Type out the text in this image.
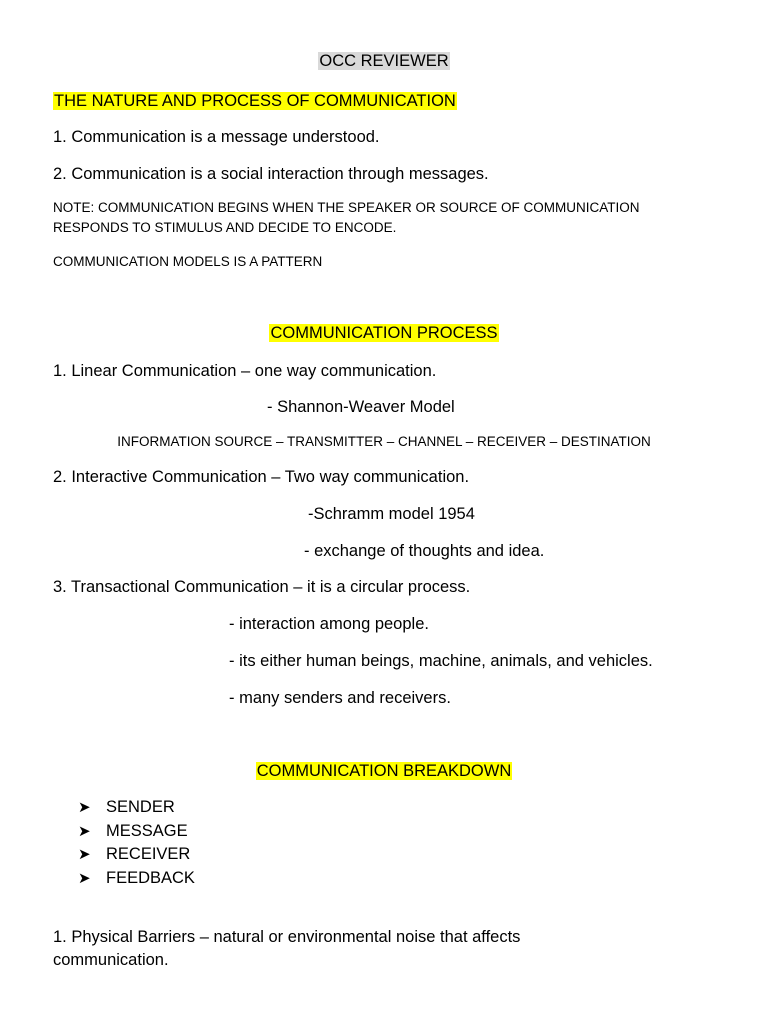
OCC REVIEWER
THE NATURE AND PROCESS OF COMMUNICATION
1. Communication is a message understood.
2. Communication is a social interaction through messages.
NOTE: COMMUNICATION BEGINS WHEN THE SPEAKER OR SOURCE OF COMMUNICATION
RESPONDS TO STIMULUS AND DECIDE TO ENCODE.
COMMUNICATION MODELS IS A PATTERN
COMMUNICATION PROCESS
1. Linear Communication – one way communication.
- Shannon-Weaver Model
INFORMATION SOURCE – TRANSMITTER – CHANNEL – RECEIVER – DESTINATION
2. Interactive Communication – Two way communication.
-Schramm model 1954
- exchange of thoughts and idea.
3. Transactional Communication – it is a circular process.
- interaction among people.
- its either human beings, machine, animals, and vehicles.
- many senders and receivers.
COMMUNICATION BREAKDOWN
➤ SENDER
➤ MESSAGE
➤ RECEIVER
➤ FEEDBACK
1. Physical Barriers – natural or environmental noise that affects
communication.
